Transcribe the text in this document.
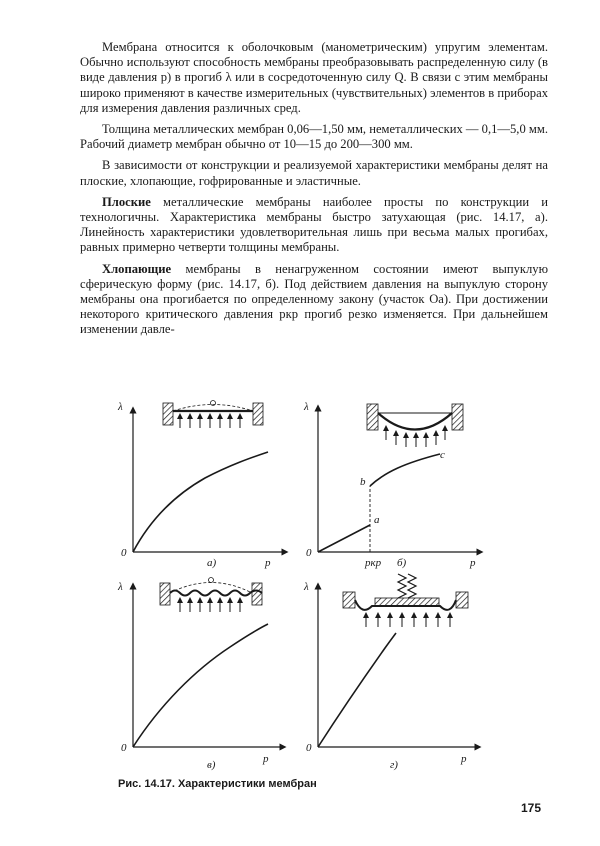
Мембрана относится к оболочковым (манометрическим) упругим элементам. Обычно используют способность мембраны преобразовывать распределенную силу (в виде давления p) в прогиб λ или в сосредоточенную силу Q. В связи с этим мембраны широко применяют в качестве измерительных (чувствительных) элементов в приборах для измерения давления различных сред.

Толщина металлических мембран 0,06—1,50 мм, неметаллических — 0,1—5,0 мм. Рабочий диаметр мембран обычно от 10—15 до 200—300 мм.

В зависимости от конструкции и реализуемой характеристики мембраны делят на плоские, хлопающие, гофрированные и эластичные.

Плоские металлические мембраны наиболее просты по конструкции и технологичны. Характеристика мембраны быстро затухающая (рис. 14.17, а). Линейность характеристики удовлетворительная лишь при весьма малых прогибах, равных примерно четверти толщины мембраны.

Хлопающие мембраны в ненагруженном состоянии имеют выпуклую сферическую форму (рис. 14.17, б). Под действием давления на выпуклую сторону мембраны она прогибается по определенному закону (участок Oa). При достижении некоторого критического давления pкр прогиб резко изменяется. При дальнейшем изменении давле-

λ
0
p
а)
λ
0
p
б)
pкр
a
b
c
λ
0
p
в)
λ
0
p
г)
Рис. 14.17. Характеристики мембран
175
